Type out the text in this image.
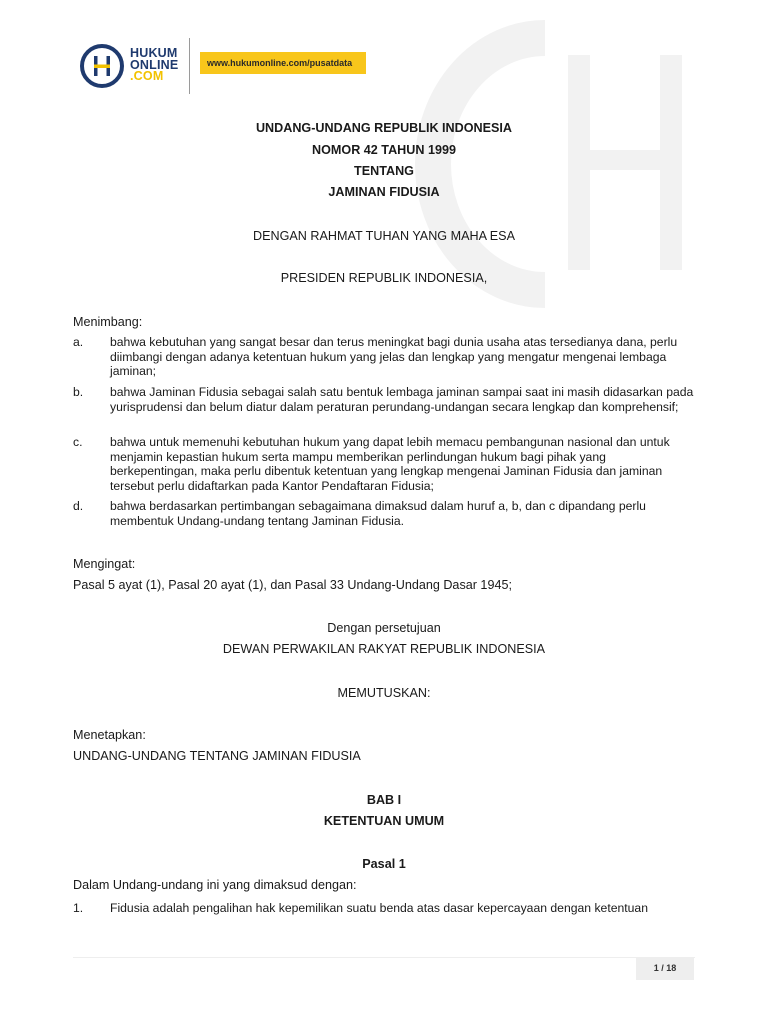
HUKUM
ONLINE
.COM
www.hukumonline.com/pusatdata

UNDANG-UNDANG REPUBLIK INDONESIA

NOMOR 42 TAHUN 1999

TENTANG

JAMINAN FIDUSIA

DENGAN RAHMAT TUHAN YANG MAHA ESA

PRESIDEN REPUBLIK INDONESIA,

Menimbang:

a. bahwa kebutuhan yang sangat besar dan terus meningkat bagi dunia usaha atas tersedianya dana, perlu diimbangi dengan adanya ketentuan hukum yang jelas dan lengkap yang mengatur mengenai lembaga jaminan;
b. bahwa Jaminan Fidusia sebagai salah satu bentuk lembaga jaminan sampai saat ini masih didasarkan pada yurisprudensi dan belum diatur dalam peraturan perundang-undangan secara lengkap dan komprehensif;
c. bahwa untuk memenuhi kebutuhan hukum yang dapat lebih memacu pembangunan nasional dan untuk menjamin kepastian hukum serta mampu memberikan perlindungan hukum bagi pihak yang berkepentingan, maka perlu dibentuk ketentuan yang lengkap mengenai Jaminan Fidusia dan jaminan tersebut perlu didaftarkan pada Kantor Pendaftaran Fidusia;
d. bahwa berdasarkan pertimbangan sebagaimana dimaksud dalam huruf a, b, dan c dipandang perlu membentuk Undang-undang tentang Jaminan Fidusia.

Mengingat:

Pasal 5 ayat (1), Pasal 20 ayat (1), dan Pasal 33 Undang-Undang Dasar 1945;

Dengan persetujuan

DEWAN PERWAKILAN RAKYAT REPUBLIK INDONESIA

MEMUTUSKAN:

Menetapkan:

UNDANG-UNDANG TENTANG JAMINAN FIDUSIA

BAB I

KETENTUAN UMUM

Pasal 1

Dalam Undang-undang ini yang dimaksud dengan:

1. Fidusia adalah pengalihan hak kepemilikan suatu benda atas dasar kepercayaan dengan ketentuan
1 / 18
